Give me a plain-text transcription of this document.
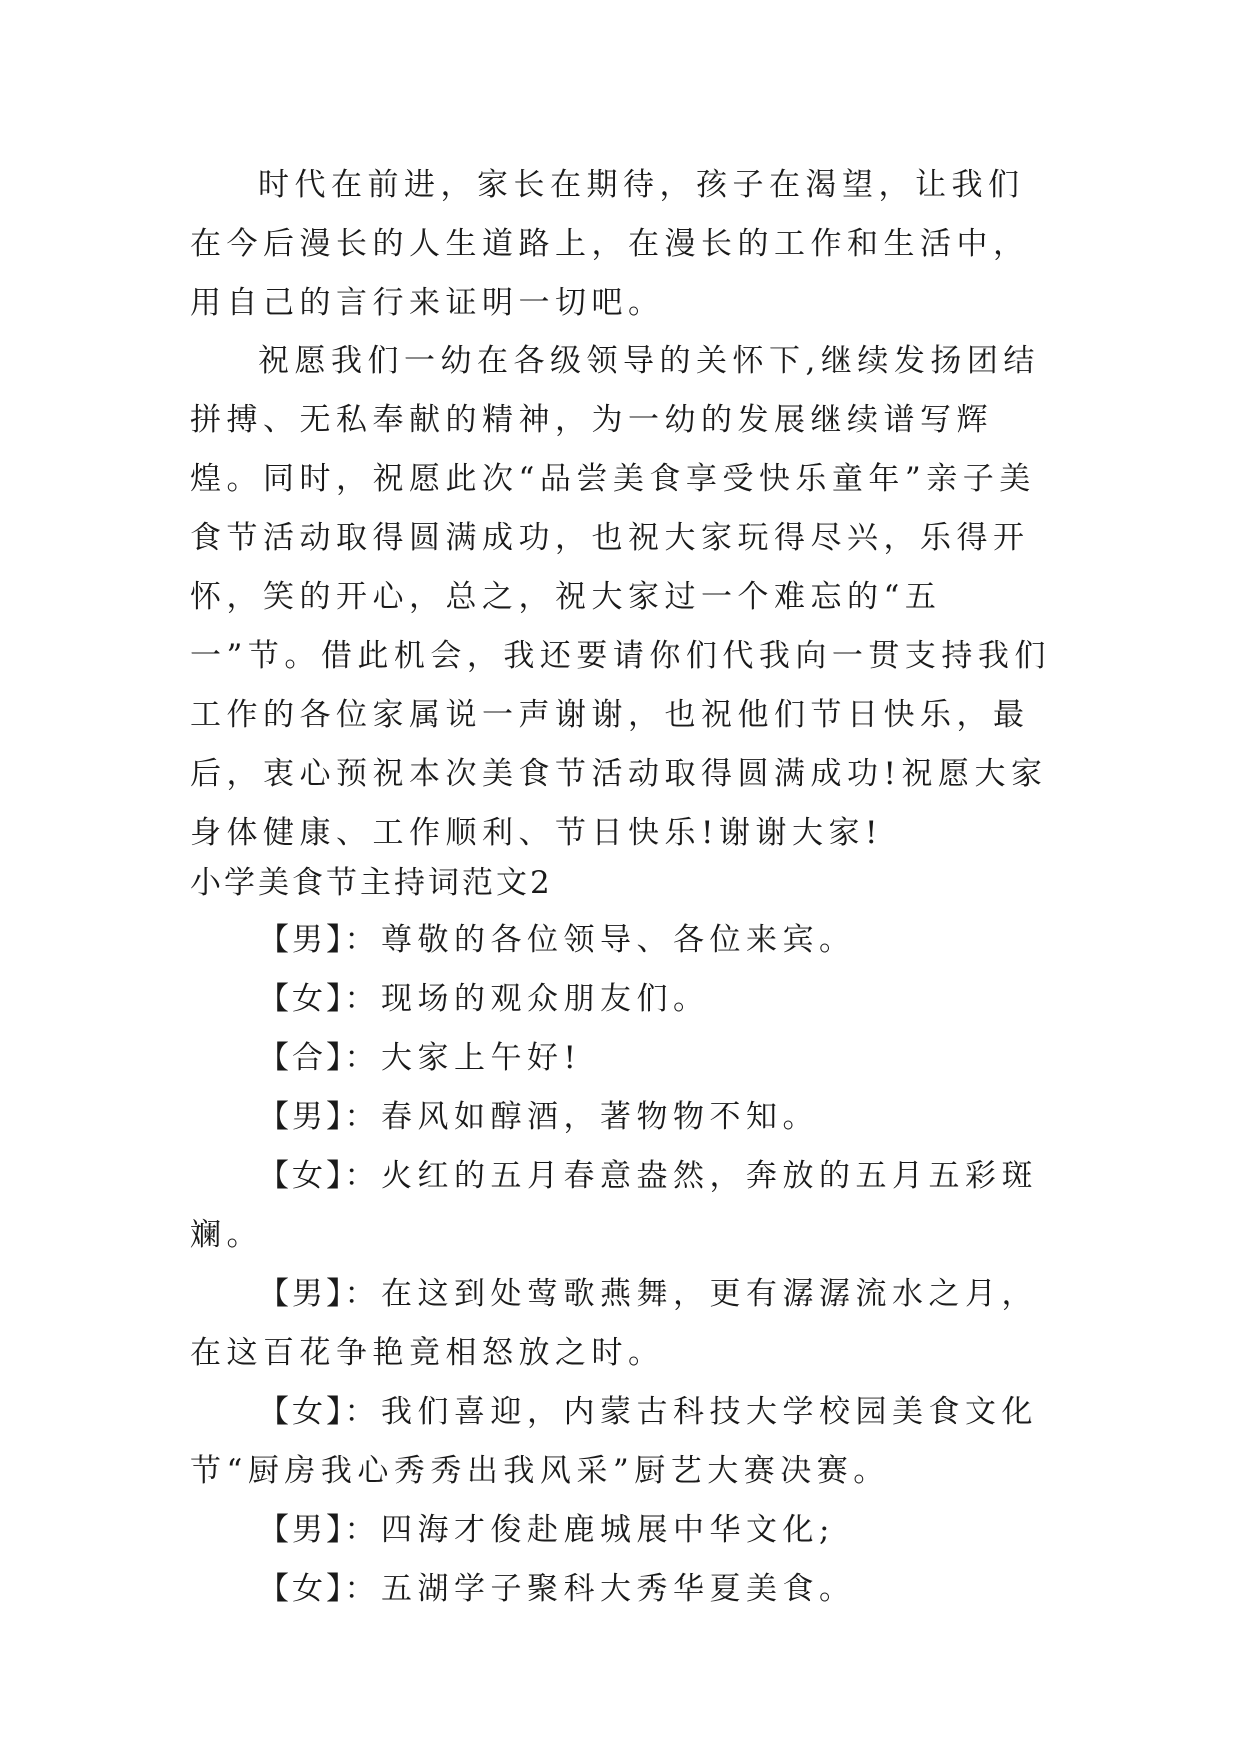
时代在前进，家长在期待，孩子在渴望，让我们在今后漫长的人生道路上，在漫长的工作和生活中，用自己的言行来证明一切吧。

祝愿我们一幼在各级领导的关怀下,继续发扬团结拼搏、无私奉献的精神，为一幼的发展继续谱写辉煌。同时，祝愿此次“品尝美食享受快乐童年”亲子美食节活动取得圆满成功，也祝大家玩得尽兴，乐得开怀，笑的开心，总之，祝大家过一个难忘的“五一”节。借此机会，我还要请你们代我向一贯支持我们工作的各位家属说一声谢谢，也祝他们节日快乐，最后，衷心预祝本次美食节活动取得圆满成功!祝愿大家身体健康、工作顺利、节日快乐!谢谢大家!

小学美食节主持词范文2

【男】：尊敬的各位领导、各位来宾。

【女】：现场的观众朋友们。

【合】：大家上午好!

【男】：春风如醇酒，著物物不知。

【女】：火红的五月春意盎然，奔放的五月五彩斑斓。

【男】：在这到处莺歌燕舞，更有潺潺流水之月，在这百花争艳竟相怒放之时。

【女】：我们喜迎，内蒙古科技大学校园美食文化节“厨房我心秀秀出我风采”厨艺大赛决赛。

【男】：四海才俊赴鹿城展中华文化;

【女】：五湖学子聚科大秀华夏美食。
